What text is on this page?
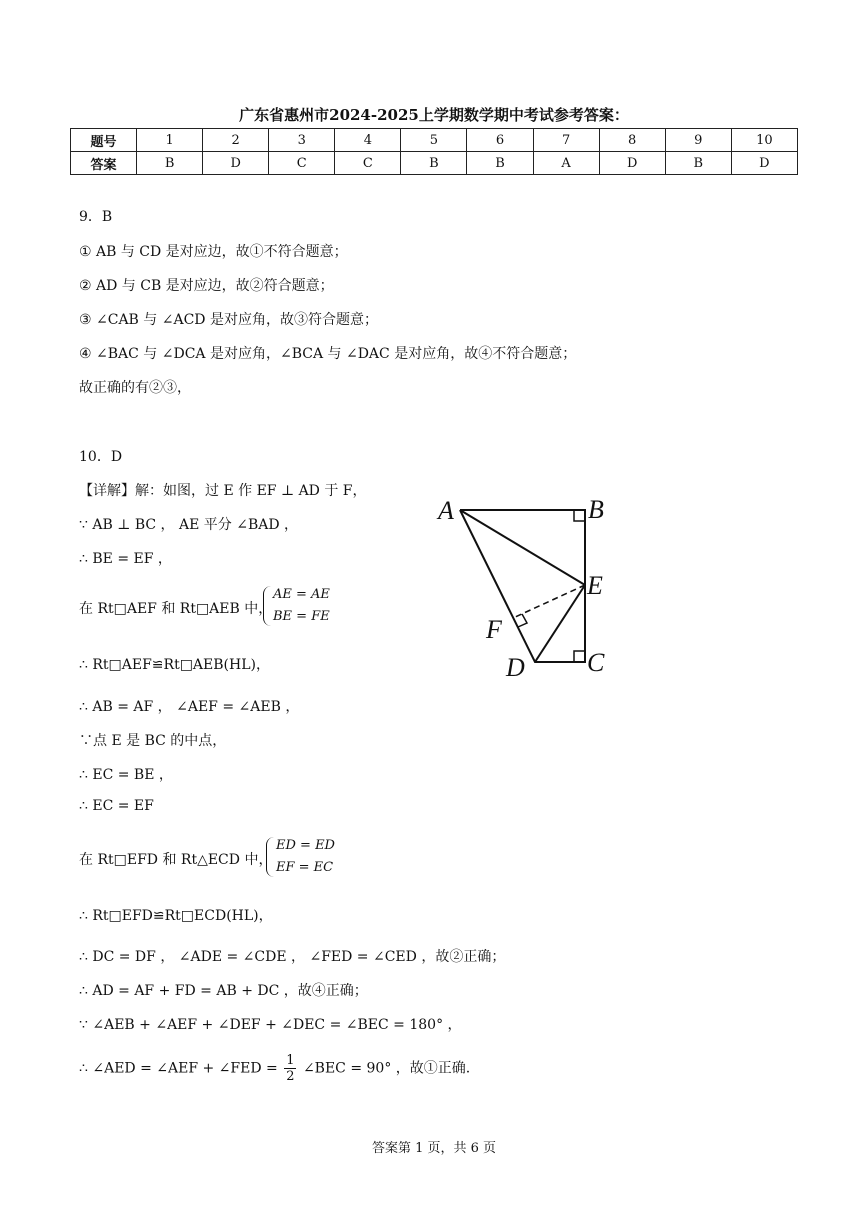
广东省惠州市2024-2025上学期数学期中考试参考答案：
题号	1	2	3	4	5	6	7	8	9	10
答案	B	D	C	C	B	B	A	D	B	D
9．B
① AB 与 CD 是对应边，故①不符合题意；
② AD 与 CB 是对应边，故②符合题意；
③ ∠CAB 与 ∠ACD 是对应角，故③符合题意；
④ ∠BAC 与 ∠DCA 是对应角，∠BCA 与 ∠DAC 是对应角，故④不符合题意；
故正确的有②③，
10．D
【详解】解：如图，过 E 作 EF ⊥ AD 于 F，
∵ AB ⊥ BC ， AE 平分 ∠BAD ，
∴ BE = EF ，
在 Rt□AEF 和 Rt□AEB 中，
AE = AE
BE = FE
∴ Rt□AEF≌Rt□AEB(HL)，
∴ AB = AF ， ∠AEF = ∠AEB ，
∵点 E 是 BC 的中点，
∴ EC = BE ，
∴ EC = EF
在 Rt□EFD 和 Rt△ECD 中，
ED = ED
EF = EC
∴ Rt□EFD≌Rt□ECD(HL)，
∴ DC = DF ， ∠ADE = ∠CDE ， ∠FED = ∠CED ，故②正确；
∴ AD = AF + FD = AB + DC ，故④正确；
∵ ∠AEB + ∠AEF + ∠DEF + ∠DEC = ∠BEC = 180° ，
∴ ∠AED = ∠AEF + ∠FED = $\frac{1}{2}$ ∠BEC = 90° ，故①正确.
A	B
E
F
D C
答案第 1 页，共 6 页
